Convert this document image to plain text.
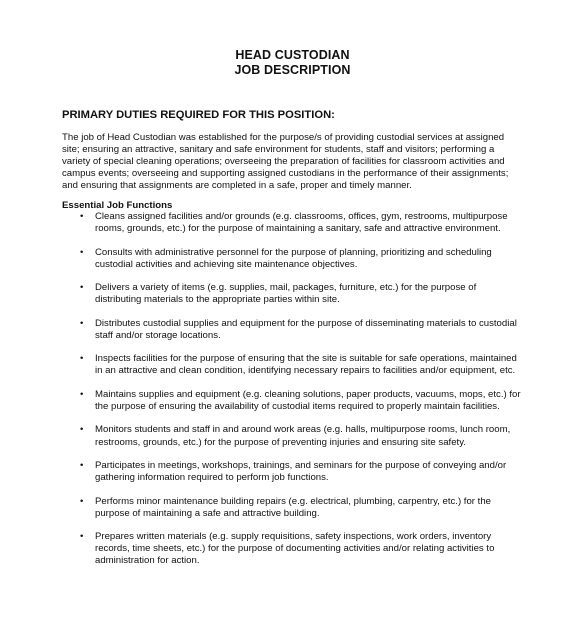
HEAD CUSTODIAN
JOB DESCRIPTION
PRIMARY DUTIES REQUIRED FOR THIS POSITION:

The job of Head Custodian was established for the purpose/s of providing custodial services at assigned site; ensuring an attractive, sanitary and safe environment for students, staff and visitors; performing a variety of special cleaning operations; overseeing the preparation of facilities for classroom activities and campus events; overseeing and supporting assigned custodians in the performance of their assignments; and ensuring that assignments are completed in a safe, proper and timely manner.

Essential Job Functions
• Cleans assigned facilities and/or grounds (e.g. classrooms, offices, gym, restrooms, multipurpose rooms, grounds, etc.) for the purpose of maintaining a sanitary, safe and attractive environment.
• Consults with administrative personnel for the purpose of planning, prioritizing and scheduling custodial activities and achieving site maintenance objectives.
• Delivers a variety of items (e.g. supplies, mail, packages, furniture, etc.) for the purpose of distributing materials to the appropriate parties within site.
• Distributes custodial supplies and equipment for the purpose of disseminating materials to custodial staff and/or storage locations.
• Inspects facilities for the purpose of ensuring that the site is suitable for safe operations, maintained in an attractive and clean condition, identifying necessary repairs to facilities and/or equipment, etc.
• Maintains supplies and equipment (e.g. cleaning solutions, paper products, vacuums, mops, etc.) for the purpose of ensuring the availability of custodial items required to properly maintain facilities.
• Monitors students and staff in and around work areas (e.g. halls, multipurpose rooms, lunch room, restrooms, grounds, etc.) for the purpose of preventing injuries and ensuring site safety.
• Participates in meetings, workshops, trainings, and seminars for the purpose of conveying and/or gathering information required to perform job functions.
• Performs minor maintenance building repairs (e.g. electrical, plumbing, carpentry, etc.) for the purpose of maintaining a safe and attractive building.
• Prepares written materials (e.g. supply requisitions, safety inspections, work orders, inventory records, time sheets, etc.) for the purpose of documenting activities and/or relating activities to administration for action.
